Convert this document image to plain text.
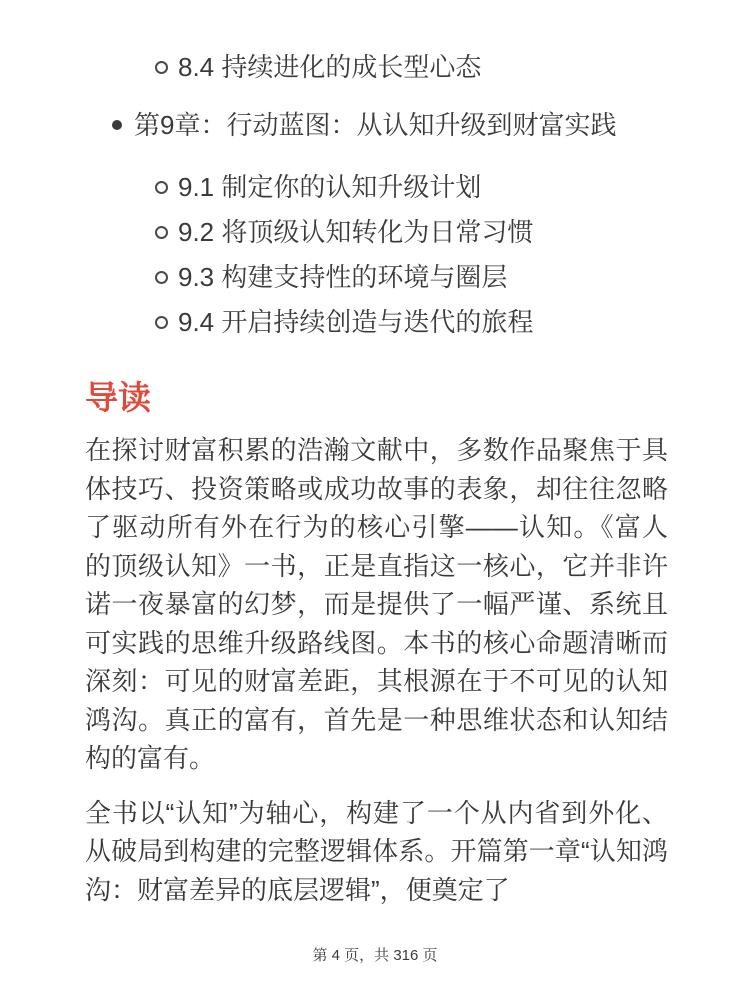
8.4 持续进化的成长型心态
第9章：行动蓝图：从认知升级到财富实践
9.1 制定你的认知升级计划
9.2 将顶级认知转化为日常习惯
9.3 构建支持性的环境与圈层
9.4 开启持续创造与迭代的旅程
导读

在探讨财富积累的浩瀚文献中，多数作品聚焦于具体技巧、投资策略或成功故事的表象，却往往忽略了驱动所有外在行为的核心引擎——认知。《富人的顶级认知》一书，正是直指这一核心，它并非许诺一夜暴富的幻梦，而是提供了一幅严谨、系统且可实践的思维升级路线图。本书的核心命题清晰而深刻：可见的财富差距，其根源在于不可见的认知鸿沟。真正的富有，首先是一种思维状态和认知结构的富有。

全书以“认知”为轴心，构建了一个从内省到外化、从破局到构建的完整逻辑体系。开篇第一章“认知鸿沟：财富差异的底层逻辑”，便奠定了

第 4 页，共 316 页
